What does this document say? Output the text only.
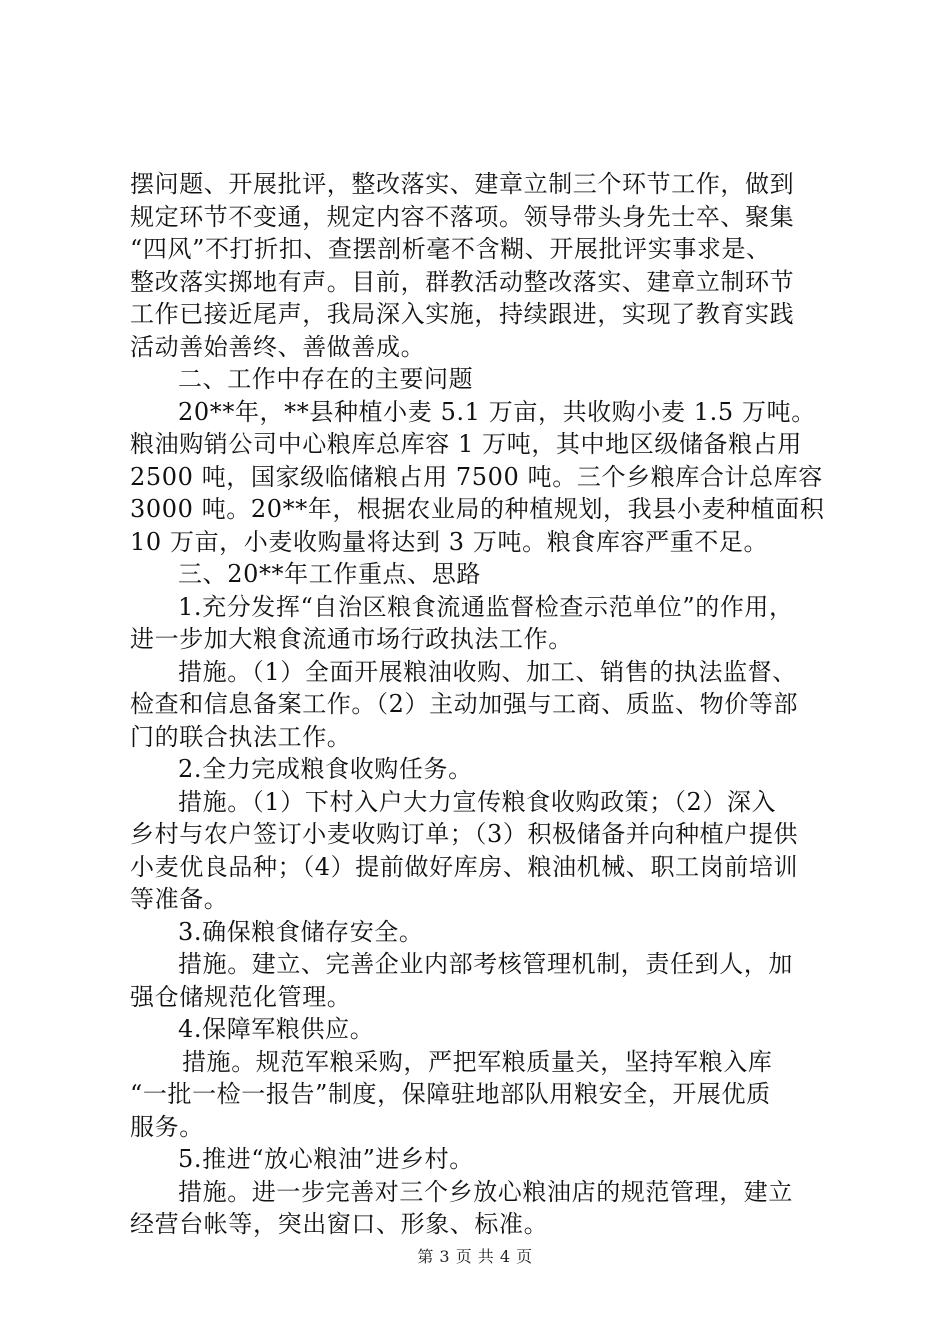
摆问题、开展批评，整改落实、建章立制三个环节工作，做到
规定环节不变通，规定内容不落项。领导带头身先士卒、聚集
“四风”不打折扣、查摆剖析毫不含糊、开展批评实事求是、
整改落实掷地有声。目前，群教活动整改落实、建章立制环节
工作已接近尾声，我局深入实施，持续跟进，实现了教育实践
活动善始善终、善做善成。
二、工作中存在的主要问题
20**年，**县种植小麦 5.1 万亩，共收购小麦 1.5 万吨。
粮油购销公司中心粮库总库容 1 万吨，其中地区级储备粮占用
2500 吨，国家级临储粮占用 7500 吨。三个乡粮库合计总库容
3000 吨。20**年，根据农业局的种植规划，我县小麦种植面积
10 万亩，小麦收购量将达到 3 万吨。粮食库容严重不足。
三、20**年工作重点、思路
1.充分发挥“自治区粮食流通监督检查示范单位”的作用，
进一步加大粮食流通市场行政执法工作。
措施。（1）全面开展粮油收购、加工、销售的执法监督、
检查和信息备案工作。（2）主动加强与工商、质监、物价等部
门的联合执法工作。
2.全力完成粮食收购任务。
措施。（1）下村入户大力宣传粮食收购政策；（2）深入
乡村与农户签订小麦收购订单；（3）积极储备并向种植户提供
小麦优良品种；（4）提前做好库房、粮油机械、职工岗前培训
等准备。
3.确保粮食储存安全。
措施。建立、完善企业内部考核管理机制，责任到人，加
强仓储规范化管理。
4.保障军粮供应。
措施。规范军粮采购，严把军粮质量关，坚持军粮入库
“一批一检一报告”制度，保障驻地部队用粮安全，开展优质
服务。
5.推进“放心粮油”进乡村。
措施。进一步完善对三个乡放心粮油店的规范管理，建立
经营台帐等，突出窗口、形象、标准。
第 3 页 共 4 页
